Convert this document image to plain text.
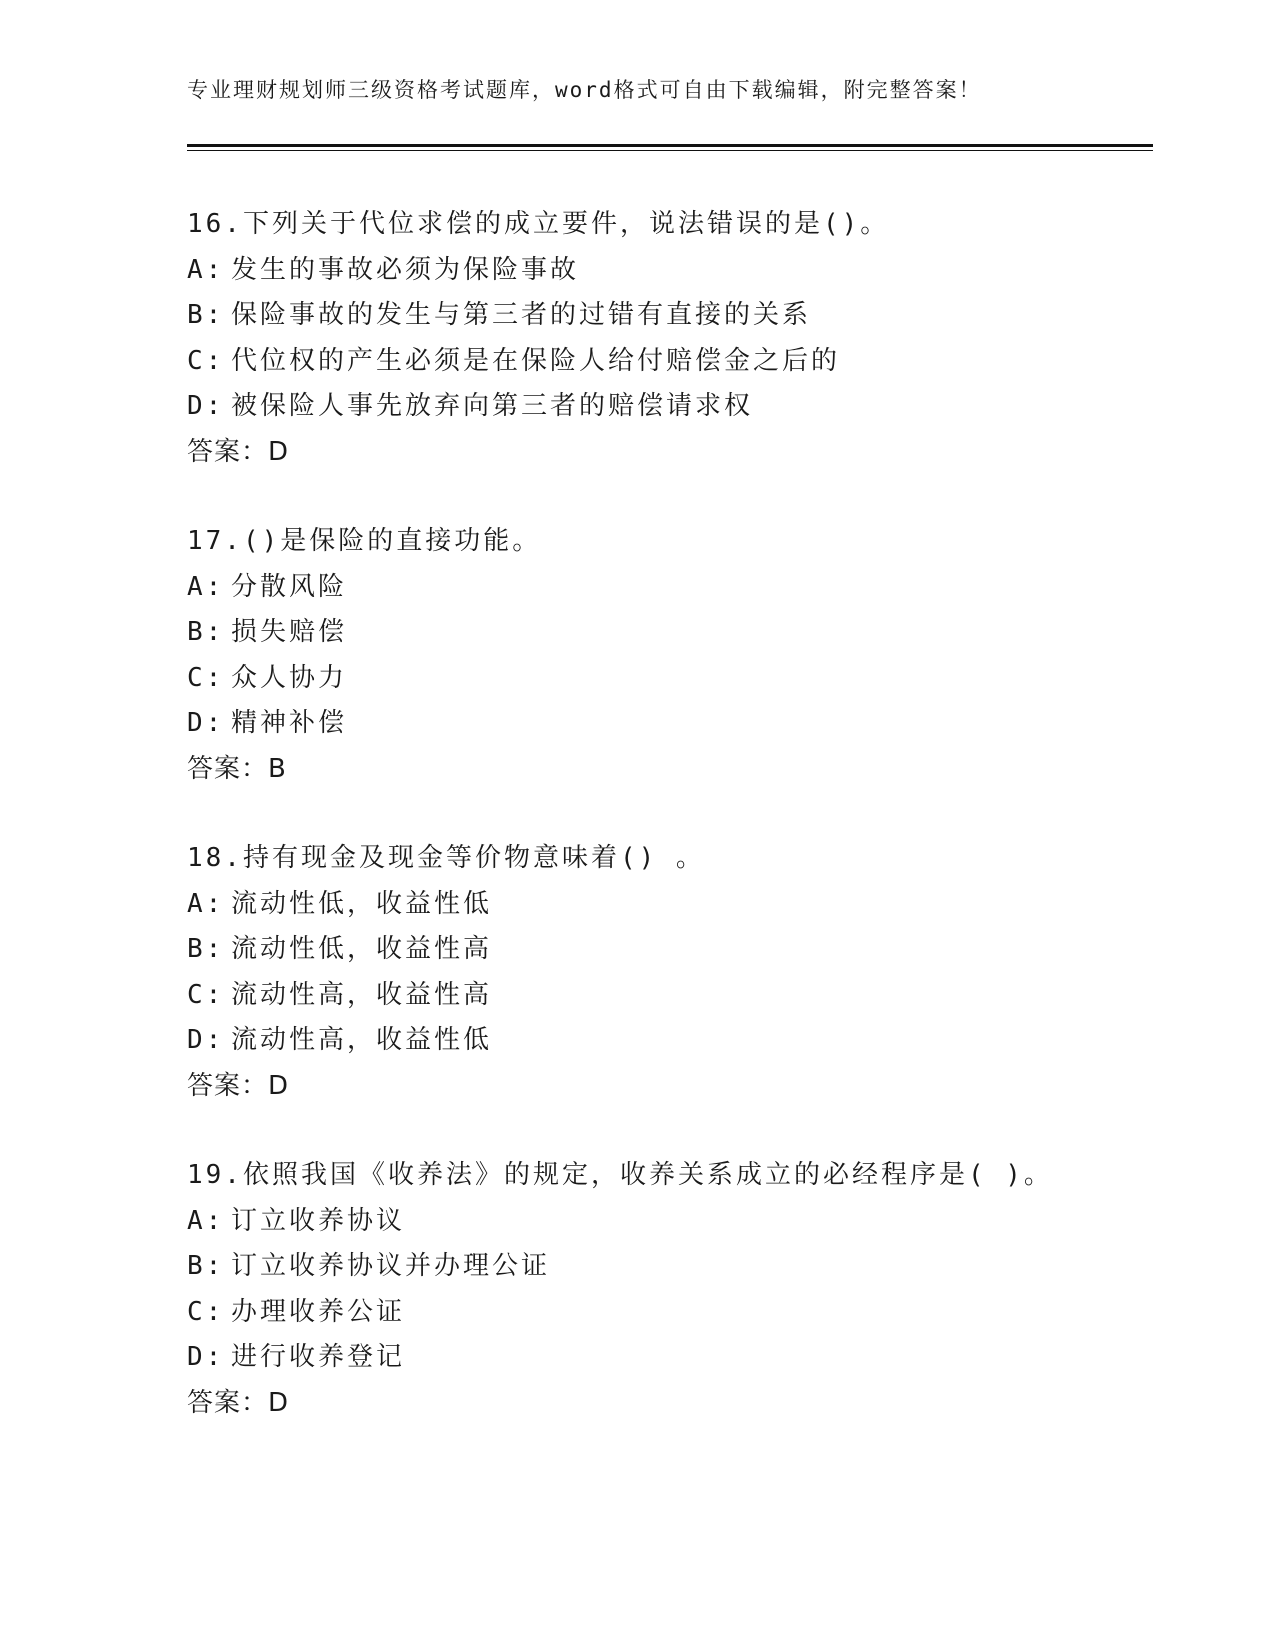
专业理财规划师三级资格考试题库，word格式可自由下载编辑，附完整答案！
16.下列关于代位求偿的成立要件，说法错误的是()。
A: 发生的事故必须为保险事故
B: 保险事故的发生与第三者的过错有直接的关系
C: 代位权的产生必须是在保险人给付赔偿金之后的
D: 被保险人事先放弃向第三者的赔偿请求权
答案：D
17.()是保险的直接功能。
A: 分散风险
B: 损失赔偿
C: 众人协力
D: 精神补偿
答案：B
18.持有现金及现金等价物意味着() 。
A: 流动性低，收益性低
B: 流动性低，收益性高
C: 流动性高，收益性高
D: 流动性高，收益性低
答案：D
19.依照我国《收养法》的规定，收养关系成立的必经程序是( )。
A: 订立收养协议
B: 订立收养协议并办理公证
C: 办理收养公证
D: 进行收养登记
答案：D
